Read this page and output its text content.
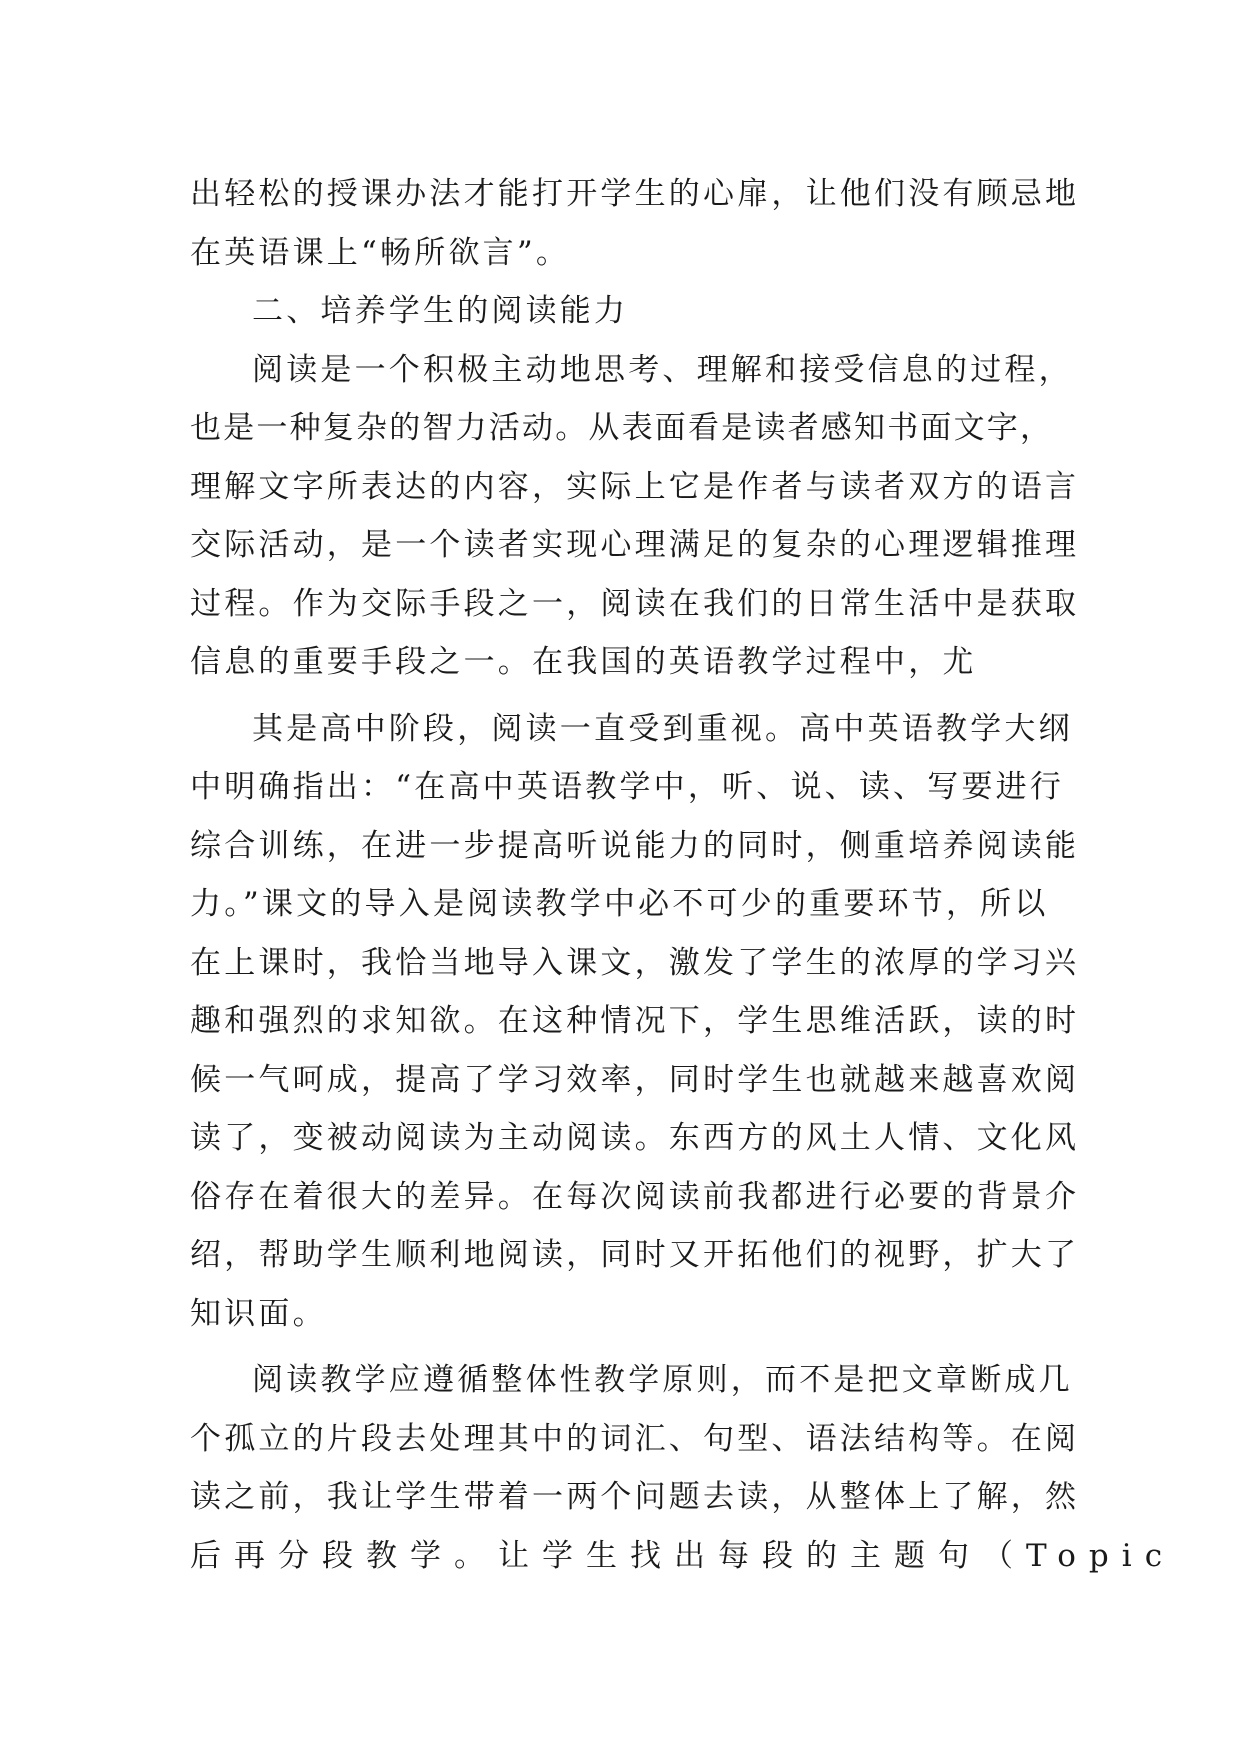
出轻松的授课办法才能打开学生的心扉，让他们没有顾忌地
在英语课上“畅所欲言”。
二、培养学生的阅读能力
阅读是一个积极主动地思考、理解和接受信息的过程，
也是一种复杂的智力活动。从表面看是读者感知书面文字，
理解文字所表达的内容，实际上它是作者与读者双方的语言
交际活动，是一个读者实现心理满足的复杂的心理逻辑推理
过程。作为交际手段之一，阅读在我们的日常生活中是获取
信息的重要手段之一。在我国的英语教学过程中，尤
其是高中阶段，阅读一直受到重视。高中英语教学大纲
中明确指出：“在高中英语教学中，听、说、读、写要进行
综合训练，在进一步提高听说能力的同时，侧重培养阅读能
力。”课文的导入是阅读教学中必不可少的重要环节，所以
在上课时，我恰当地导入课文，激发了学生的浓厚的学习兴
趣和强烈的求知欲。在这种情况下，学生思维活跃，读的时
候一气呵成，提高了学习效率，同时学生也就越来越喜欢阅
读了，变被动阅读为主动阅读。东西方的风土人情、文化风
俗存在着很大的差异。在每次阅读前我都进行必要的背景介
绍，帮助学生顺利地阅读，同时又开拓他们的视野，扩大了
知识面。
阅读教学应遵循整体性教学原则，而不是把文章断成几
个孤立的片段去处理其中的词汇、句型、语法结构等。在阅
读之前，我让学生带着一两个问题去读，从整体上了解，然
后再分段教学。让学生找出每段的主题句（Topic
